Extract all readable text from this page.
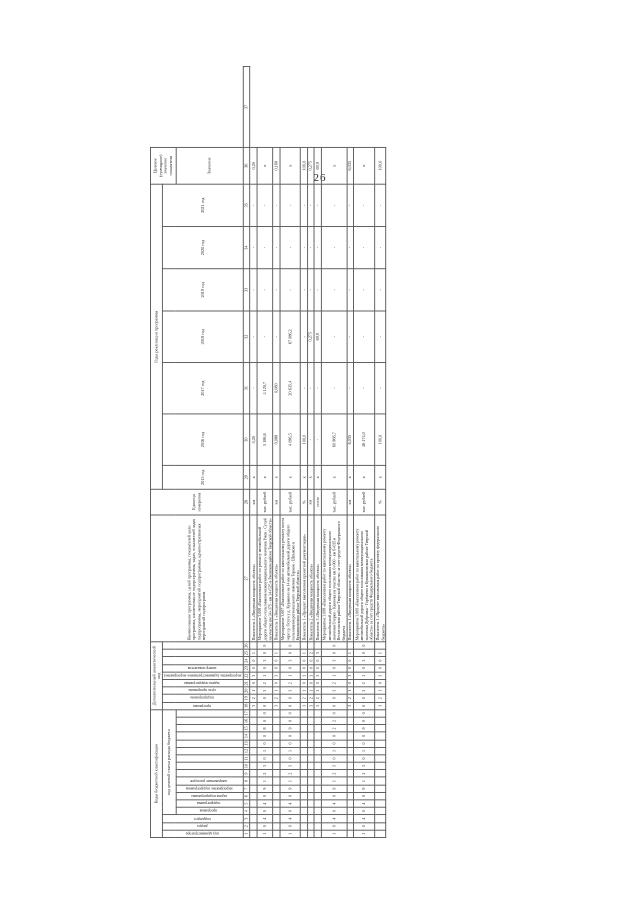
26
Коды бюджетной классификации																	Дополнительный аналитический код									Наименование программы, целей программы, показателей цели программы, наименование подпрограммы, задач, показателей задач подпрограммы, мероприятий подпрограммы, административных мероприятий подпрограмм	Единица измерения	Годы реализации программы							Целевое (суммарное) значение показателя	
код администратора	раздел	подраздел	код целевой статьи расхода бюджета														программа	подпрограмма	цель программы	задача подпрограммы	мероприятие (административное мероприятие)	номер показателя						2015 год	2016 год	2017 год	2018 год	2019 год	2020 год	2021 год		
			программа	подпрограмма	задача подпрограммы	мероприятие подпрограммы	направление расходов																												Значение	
1	2	3	4	5	6	7	8	9	10	11	12	13	14	15	16	17	18	19	20	21	22	23	24	25	26	27	28	29	30	31	32	33	34	35	36	37
																	3	2	1	0	3	0	0	1		Показатель 4 «Введенная мощность объекта»	км	х	0,20	-	-	-	-	-	0,20	
1	0	4	0	4	0	9	1	2	3	0	1	0	0	8	0	0	0	0	3	2	1	0	3	0	0	Мероприятие 3.008 «Выполнение работ по ремонту автомобильной дороги общего пользования межмуниципального значения Ржев - Сухуй на участке км 34+375 - км 34+525 в Ржевском районе Тверской области»	тыс. рублей	х	5 186,6	4 120,7	-	-	-	-	х	
																	3	2	1	0	3	0	0	1		Показатель 1 «Введенная мощность объекта»	км	х	0,088	0,080	-	-	-	-	0,168	
1	0	4	0	4	0	9	1	2	3	0	1	0	0	9	0	0	0	0	3	2	1	0	3	0	0	Мероприятие 3.007 «Выполнение работ по капитальному ремонту моста через р. Осуга у д. Куракино на 14 км автомобильной дороги общего пользования регионального значения Торжок - Шпыково в Кувшиновском районе Тверской области»	тыс. рублей	х	4 096,5	20 635,4	67 086,2	-	-	-	х	
																	3	2	1	0	3	0	0	1		Показатель 1 «Процент выполнения проектной документации»	%	х	100,0	-	-	-	-	-	100,0	
																	3	2	1	0	3	0	0	2		Показатель 2 «Введенная мощность объекта»	км	х	-	-	0,275	-	-	-	0,275	
																	3	2	1	0	3	0	0	3		Показатель 3 «Введенная мощность объекта»	пог.м	х	-	-	69,9	-	-	-	69,9	
1	0	4	0	4	0	9	1	2	3	0	1	0	0	2	2	0	0	0	3	2	1	0	3	0	0	Мероприятие 3.008 «Выполнение работ по капитальному ремонту автомобильной дороги общего пользования межмуниципального значения Озерки - Каменка на участке км 0+000 - км 6+035 в Весьегонском районе Тверской области» за счет средств Федерального бюджета	тыс. рублей	х	60 966,7	-	-	-	-	-	х	
																	3	2	1	0	3	0	0	1		Показатель 1 «Введенная мощность объекта»	км	х	6,035	-	-	-	-	-	6,035	
1	0	4	0	4	0	9	1	2	3	0	1	0	0	9	0	0	0	0	3	2	1	0	3	0	0	Мероприятие 3.009 «Выполнение работ по капитальному ремонту автомобильной дороги общего пользования межмуниципального значения Дубровка - Горбачево в Кувшиновском районе Тверской области» за счет средств Федерального бюджета	тыс. рублей	х	46 474,0	-	-	-	-	-	х	
																	3	2	1	0	3	0	0	1		Показатель 1 «Процент выполнения работ по проекту федерального бюджета»	%	х	100,0	-	-	-	-	-	100,0	
